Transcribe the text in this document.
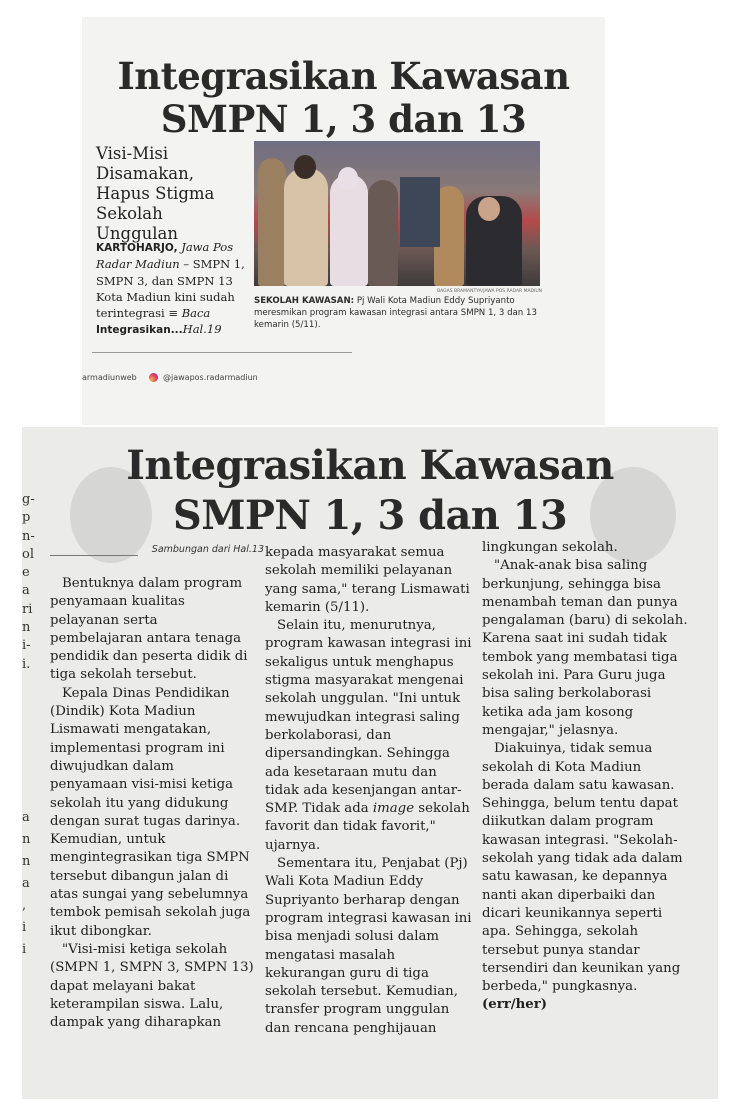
Integrasikan Kawasan
SMPN 1, 3 dan 13
Visi-Misi
Disamakan,
Hapus Stigma
Sekolah Unggulan
KARTOHARJO, Jawa Pos Radar Madiun – SMPN 1, SMPN 3, dan SMPN 13 Kota Madiun kini sudah terintegrasi ≡ Baca Integrasikan...Hal.19
BAGAS BRAMANTYA/JAWA POS RADAR MADIUN
SEKOLAH KAWASAN: Pj Wali Kota Madiun Eddy Supriyanto meresmikan program kawasan integrasi antara SMPN 1, 3 dan 13 kemarin (5/11).
armadiunweb	@jawapos.radarmadiun
Integrasikan Kawasan
SMPN 1, 3 dan 13
g-
p
n-
ol
e
a
ri
n
i-
i.
a
n
n
a
,
i
i
Sambungan dari Hal.13

Bentuknya dalam program penyamaan kualitas pelayanan serta pembelajaran antara tenaga pendidik dan peserta didik di tiga sekolah tersebut.

Kepala Dinas Pendidikan (Dindik) Kota Madiun Lismawati mengatakan, implementasi program ini diwujudkan dalam penyamaan visi-misi ketiga sekolah itu yang didukung dengan surat tugas darinya. Kemudian, untuk mengintegrasikan tiga SMPN tersebut dibangun jalan di atas sungai yang sebelumnya tembok pemisah sekolah juga ikut dibongkar.

"Visi-misi ketiga sekolah (SMPN 1, SMPN 3, SMPN 13) dapat melayani bakat keterampilan siswa. Lalu, dampak yang diharapkan

kepada masyarakat semua sekolah memiliki pelayanan yang sama," terang Lismawati kemarin (5/11).

Selain itu, menurutnya, program kawasan integrasi ini sekaligus untuk menghapus stigma masyarakat mengenai sekolah unggulan. "Ini untuk mewujudkan integrasi saling berkolaborasi, dan dipersandingkan. Sehingga ada kesetaraan mutu dan tidak ada kesenjangan antar-SMP. Tidak ada image sekolah favorit dan tidak favorit," ujarnya.

Sementara itu, Penjabat (Pj) Wali Kota Madiun Eddy Supriyanto berharap dengan program integrasi kawasan ini bisa menjadi solusi dalam mengatasi masalah kekurangan guru di tiga sekolah tersebut. Kemudian, transfer program unggulan dan rencana penghijauan

lingkungan sekolah.

"Anak-anak bisa saling berkunjung, sehingga bisa menambah teman dan punya pengalaman (baru) di sekolah. Karena saat ini sudah tidak tembok yang membatasi tiga sekolah ini. Para Guru juga bisa saling berkolaborasi ketika ada jam kosong mengajar," jelasnya.

Diakuinya, tidak semua sekolah di Kota Madiun berada dalam satu kawasan. Sehingga, belum tentu dapat diikutkan dalam program kawasan integrasi. "Sekolah-sekolah yang tidak ada dalam satu kawasan, ke depannya nanti akan diperbaiki dan dicari keunikannya seperti apa. Sehingga, sekolah tersebut punya standar tersendiri dan keunikan yang berbeda," pungkasnya. (err/her)
